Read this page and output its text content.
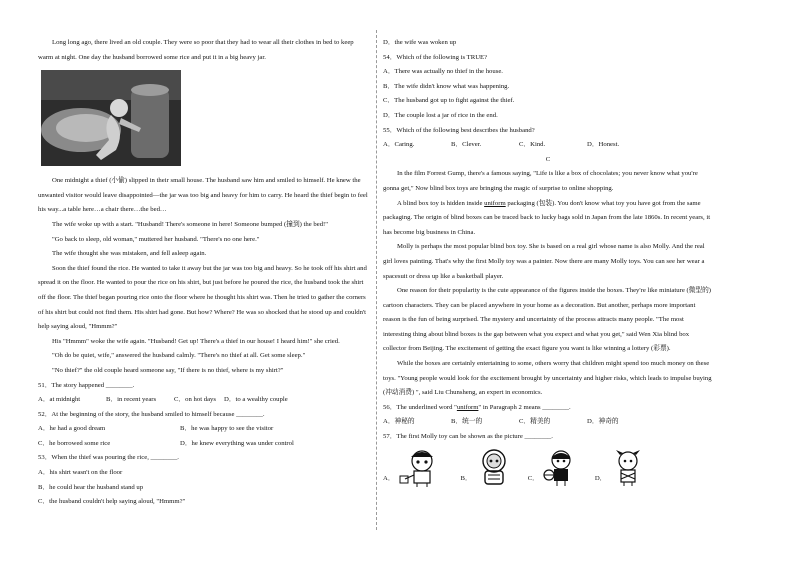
Long long ago, there lived an old couple. They were so poor that they had to wear all their clothes in bed to keep warm at night. One day the husband borrowed some rice and put it in a big heavy jar.

One midnight a thief (小偷) slipped in their small house. The husband saw him and smiled to himself. He knew the unwanted visitor would leave disappointed—the jar was too big and heavy for him to carry. He heard the thief begin to feel his way...a table here…a chair there…the bed…

The wife woke up with a start. "Husband! There's someone in here! Someone bumped (撞到) the bed!"

"Go back to sleep, old woman," muttered her husband. "There's no one here."

The wife thought she was mistaken, and fell asleep again.

Soon the thief found the rice. He wanted to take it away but the jar was too big and heavy. So he took off his shirt and spread it on the floor. He wanted to pour the rice on his shirt, but just before he poured the rice, the husband took the shirt off the floor. The thief began pouring rice onto the floor where he thought his shirt was. Then he tried to gather the corners of his shirt but could not find them. His shirt had gone. But how? Where? He was so shocked that he stood up and couldn't help saying aloud, "Hmmm?"

His "Hmmm" woke the wife again. "Husband! Get up! There's a thief in our house! I heard him!" she cried.

"Oh do be quiet, wife," answered the husband calmly. "There's no thief at all. Get some sleep."

"No thief?" the old couple heard someone say, "If there is no thief, where is my shirt?"

51．The story happened ________.

A．at midnight	B．in recent years	C．on hot days	D．to a wealthy couple

52．At the beginning of the story, the husband smiled to himself because ________.

A．he had a good dream	B．he was happy to see the visitor
C．he borrowed some rice	D．he knew everything was under control

53．When the thief was pouring the rice, ________.

A．his shirt wasn't on the floor

B．he could hear the husband stand up

C．the husband couldn't help saying aloud, "Hmmm?"

D．the wife was woken up

54．Which of the following is TRUE?

A．There was actually no thief in the house.

B．The wife didn't know what was happening.

C．The husband got up to fight against the thief.

D．The couple lost a jar of rice in the end.

55．Which of the following best describes the husband?

A．Caring.	B．Clever.	C．Kind.	D．Honest.

C

In the film Forrest Gump, there's a famous saying, "Life is like a box of chocolates; you never know what you're gonna get," Now blind box toys are bringing the magic of surprise to online shopping.

A blind box toy is hidden inside uniform packaging (包装). You don't know what toy you have got from the same packaging. The origin of blind boxes can be traced back to lucky bags sold in Japan from the late 1860s. In recent years, it has become big business in China.

Molly is perhaps the most popular blind box toy. She is based on a real girl whose name is also Molly. And the real girl loves painting. That's why the first Molly toy was a painter. Now there are many Molly toys. You can see her wear a spacesuit or dress up like a basketball player.

One reason for their popularity is the cute appearance of the figures inside the boxes. They're like miniature (微型的) cartoon characters. They can be placed anywhere in your home as a decoration. But another, perhaps more important reason is the fun of being surprised. The mystery and uncertainty of the process attracts many people. "The most interesting thing about blind boxes is the gap between what you expect and what you get," said Wen Xia blind box collector from Beijing. The excitement of getting the exact figure you want is like winning a lottery (彩票).

While the boxes are certainly entertaining to some, others worry that children might spend too much money on these toys. "Young people would look for the excitement brought by uncertainty and higher risks, which leads to impulse buying (冲动消费) ", said Liu Chunsheng, an expert in economics.

56．The underlined word "uniform" in Paragraph 2 means ________.

A．神秘的	B．统一的	C．精美的	D．神奇的

57．The first Molly toy can be shown as the picture ________.

A．	B．	C．	D．
